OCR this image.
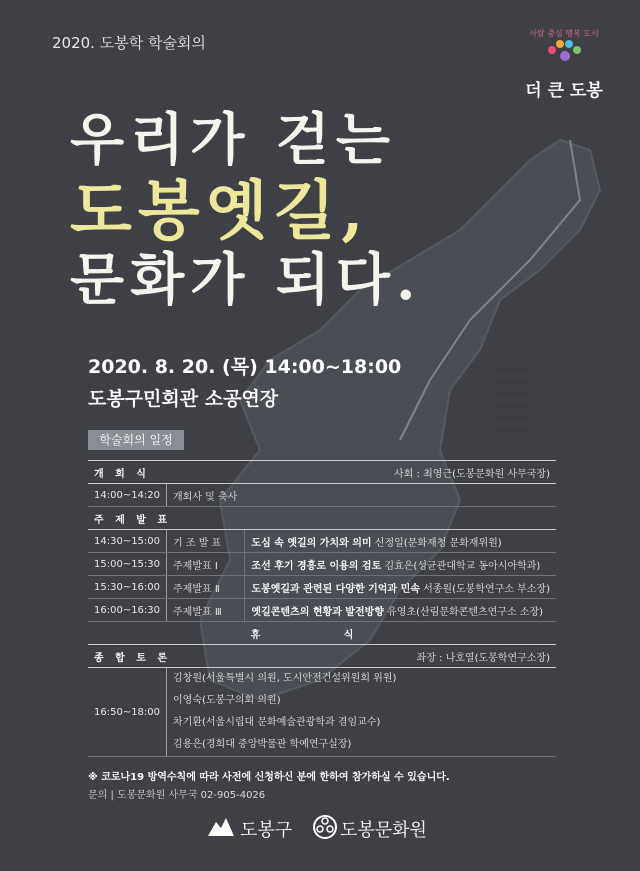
2020. 도봉학 학술회의
사람 중심 행복 도시
더 큰 도봉
우리가 걷는
도봉옛길,
문화가 되다.
2020. 8. 20. (목) 14:00~18:00
도봉구민회관 소공연장
학술회의 일정
개 회 식		사회 : 최영근(도봉문화원 사무국장)
14:00~14:20	개회사 및 축사	
주 제 발 표		
14:30~15:00	기 조 발 표	도심 속 옛길의 가치와 의미 신정일(문화재청 문화재위원)
15:00~15:30	주제발표 Ⅰ	조선 후기 경흥로 이용의 검토 김효은(성균관대학교 동아시아학과)
15:30~16:00	주제발표 Ⅱ	도봉옛길과 관련된 다양한 기억과 민속 서종원(도봉학연구소 부소장)
16:00~16:30	주제발표 Ⅲ	옛길콘텐츠의 현황과 발전방향 유영초(산림문화콘텐츠연구소 소장)
휴 식		
종 합 토 론		좌장 : 나호열(도봉학연구소장)
16:50~18:00	김창원(서울특별시 의원, 도시안전건설위원회 위원)
이영숙(도봉구의회 의원)
차기환(서울시립대 문화예술관광학과 겸임교수)
김용은(경희대 중앙박물관 학예연구실장)	
※ 코로나19 방역수칙에 따라 사전에 신청하신 분에 한하여 참가하실 수 있습니다.
문의 | 도봉문화원 사무국 02-905-4026
도봉구	도봉문화원
